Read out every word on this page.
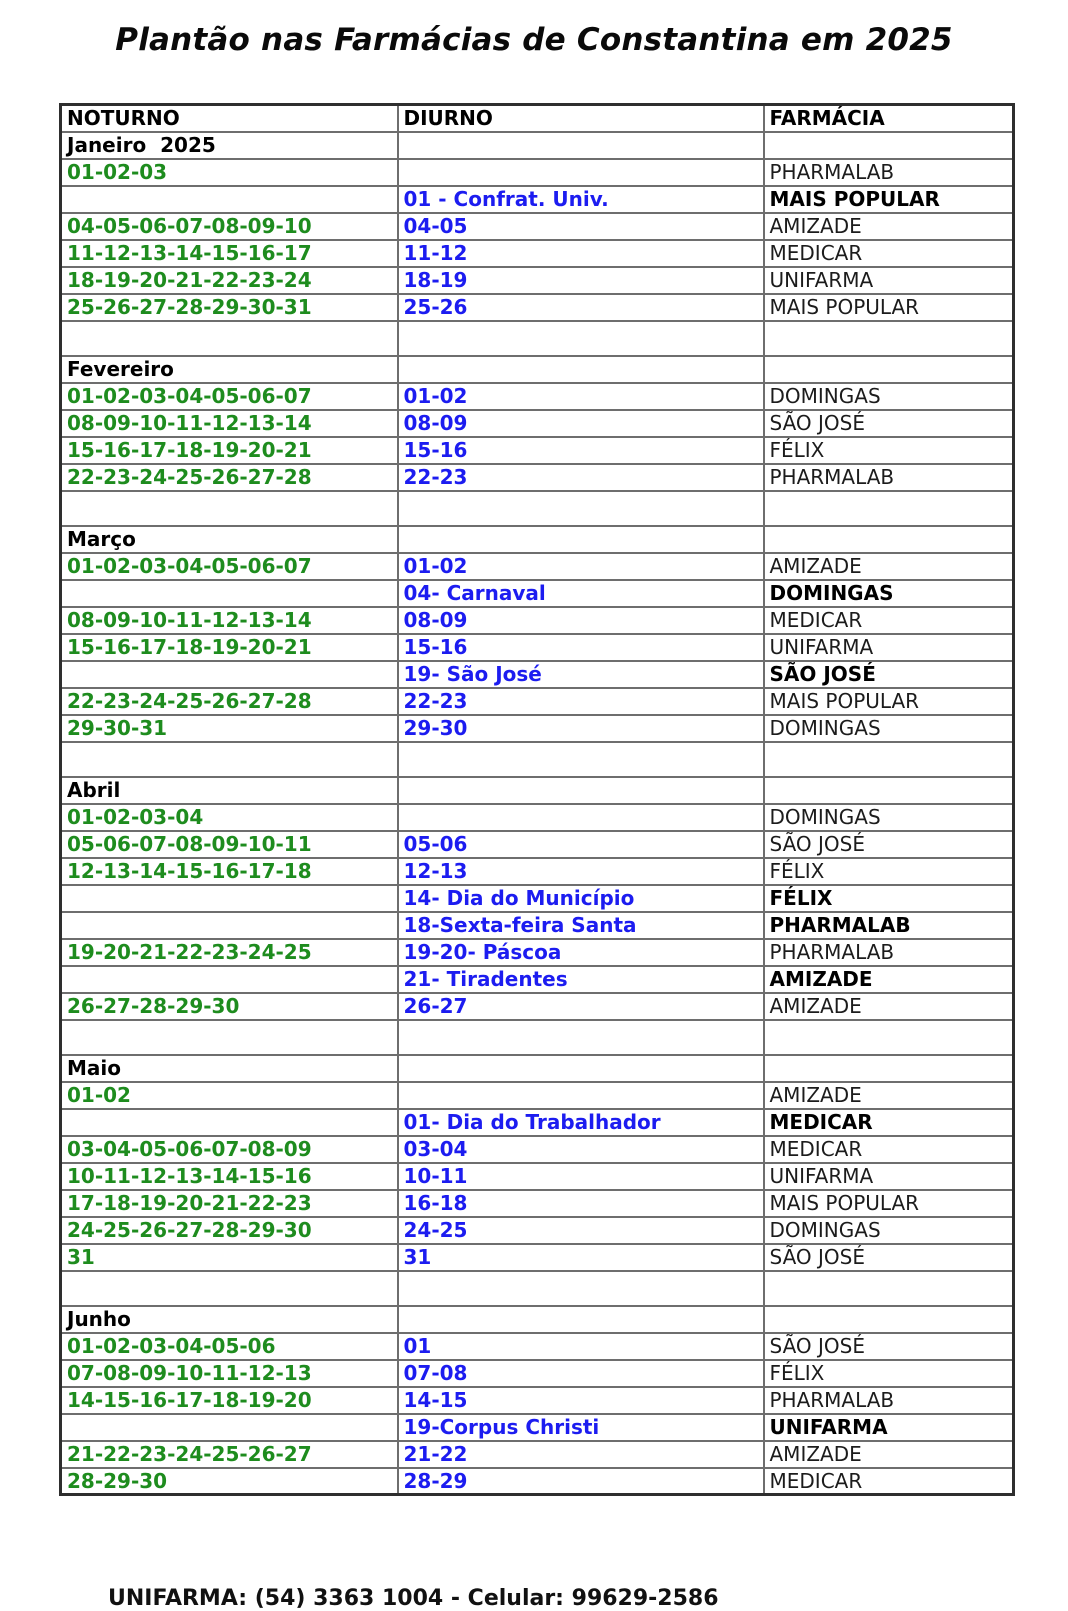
Plantão nas Farmácias de Constantina em 2025
NOTURNO	DIURNO	FARMÁCIA
Janeiro  2025		
01-02-03		PHARMALAB
	01 - Confrat. Univ.	MAIS POPULAR
04-05-06-07-08-09-10	04-05	AMIZADE
11-12-13-14-15-16-17	11-12	MEDICAR
18-19-20-21-22-23-24	18-19	UNIFARMA
25-26-27-28-29-30-31	25-26	MAIS POPULAR

Fevereiro		
01-02-03-04-05-06-07	01-02	DOMINGAS
08-09-10-11-12-13-14	08-09	SÃO JOSÉ
15-16-17-18-19-20-21	15-16	FÉLIX
22-23-24-25-26-27-28	22-23	PHARMALAB

Março		
01-02-03-04-05-06-07	01-02	AMIZADE
	04- Carnaval	DOMINGAS
08-09-10-11-12-13-14	08-09	MEDICAR
15-16-17-18-19-20-21	15-16	UNIFARMA
	19- São José	SÃO JOSÉ
22-23-24-25-26-27-28	22-23	MAIS POPULAR
29-30-31	29-30	DOMINGAS

Abril		
01-02-03-04		DOMINGAS
05-06-07-08-09-10-11	05-06	SÃO JOSÉ
12-13-14-15-16-17-18	12-13	FÉLIX
	14- Dia do Município	FÉLIX
	18-Sexta-feira Santa	PHARMALAB
19-20-21-22-23-24-25	19-20- Páscoa	PHARMALAB
	21- Tiradentes	AMIZADE
26-27-28-29-30	26-27	AMIZADE

Maio		
01-02		AMIZADE
	01- Dia do Trabalhador	MEDICAR
03-04-05-06-07-08-09	03-04	MEDICAR
10-11-12-13-14-15-16	10-11	UNIFARMA
17-18-19-20-21-22-23	16-18	MAIS POPULAR
24-25-26-27-28-29-30	24-25	DOMINGAS
31	31	SÃO JOSÉ

Junho		
01-02-03-04-05-06	01	SÃO JOSÉ
07-08-09-10-11-12-13	07-08	FÉLIX
14-15-16-17-18-19-20	14-15	PHARMALAB
	19-Corpus Christi	UNIFARMA
21-22-23-24-25-26-27	21-22	AMIZADE
28-29-30	28-29	MEDICAR
UNIFARMA: (54) 3363 1004 - Celular: 99629-2586
